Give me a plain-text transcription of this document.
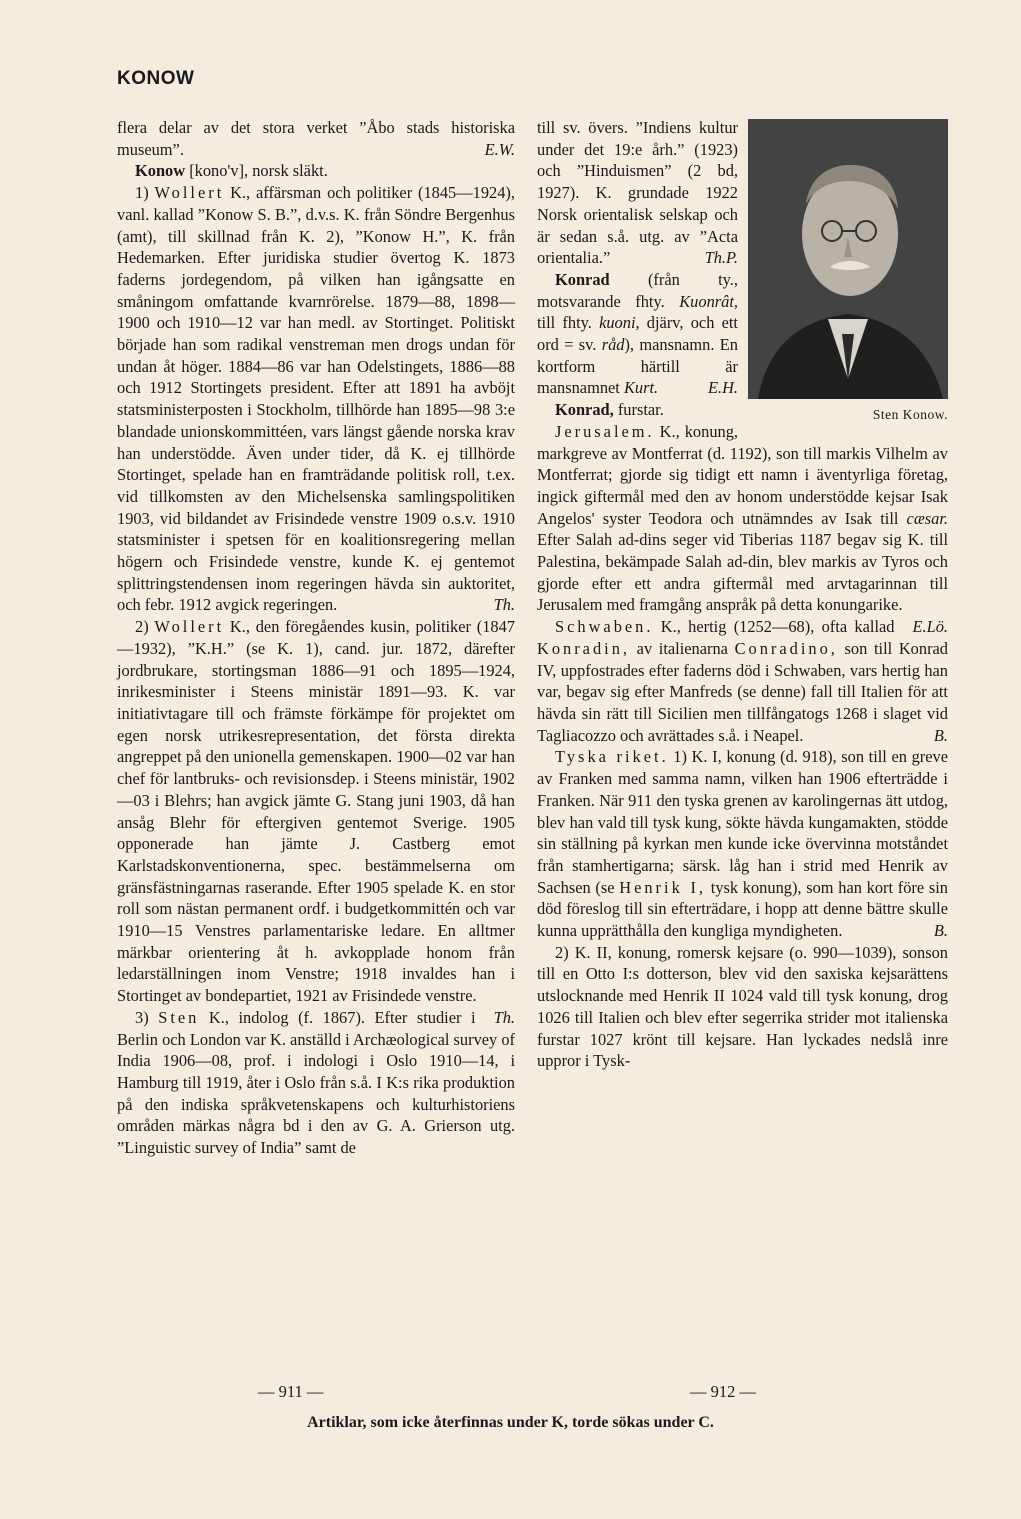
KONOW

flera delar av det stora verket ”Åbo stads historiska museum”.	E.W.

Konow [kono'v], norsk släkt.

1) Wollert K., affärsman och politiker (1845—1924), vanl. kallad ”Konow S. B.”, d.v.s. K. från Söndre Bergenhus (amt), till skillnad från K. 2), ”Konow H.”, K. från Hedemarken. Efter juridiska studier övertog K. 1873 faderns jordegendom, på vilken han igångsatte en småningom omfattande kvarnrörelse. 1879—88, 1898—1900 och 1910—12 var han medl. av Stortinget. Politiskt började han som radikal venstreman men drogs undan för undan åt höger. 1884—86 var han Odelstingets, 1886—88 och 1912 Stortingets president. Efter att 1891 ha avböjt statsministerposten i Stockholm, tillhörde han 1895—98 3:e blandade unionskommittéen, vars längst gående norska krav han understödde. Även under tider, då K. ej tillhörde Stortinget, spelade han en framträdande politisk roll, t.ex. vid tillkomsten av den Michelsenska samlingspolitiken 1903, vid bildandet av Frisindede venstre 1909 o.s.v. 1910 statsminister i spetsen för en koalitionsregering mellan högern och Frisindede venstre, kunde K. ej gentemot splittringstendensen inom regeringen hävda sin auktoritet, och febr. 1912 avgick regeringen.	Th.

2) Wollert K., den föregåendes kusin, politiker (1847—1932), ”K.H.” (se K. 1), cand. jur. 1872, därefter jordbrukare, stortingsman 1886—91 och 1895—1924, inrikesminister i Steens ministär 1891—93. K. var initiativtagare till och främste förkämpe för projektet om egen norsk utrikesrepresentation, det första direkta angreppet på den unionella gemenskapen. 1900—02 var han chef för lantbruks- och revisionsdep. i Steens ministär, 1902—03 i Blehrs; han avgick jämte G. Stang juni 1903, då han ansåg Blehr för eftergiven gentemot Sverige. 1905 opponerade han jämte J. Castberg emot Karlstadskonventionerna, spec. bestämmelserna om gränsfästningarnas raserande. Efter 1905 spelade K. en stor roll som nästan permanent ordf. i budgetkommittén och var 1910—15 Venstres parlamentariske ledare. En alltmer märkbar orientering åt h. avkopplade honom från ledarställningen inom Venstre; 1918 invaldes han i Stortinget av bondepartiet, 1921 av Frisindede venstre.
Th.

3) Sten K., indolog (f. 1867). Efter studier i Berlin och London var K. anställd i Archæological survey of India 1906—08, prof. i indologi i Oslo 1910—14, i Hamburg till 1919, åter i Oslo från s.å. I K:s rika produktion på den indiska språkvetenskapens och kulturhistoriens områden märkas några bd i den av G. A. Grierson utg. ”Linguistic survey of India” samt de

Sten Konow.

till sv. övers. ”Indiens kultur under det 19:e årh.” (1923) och ”Hinduismen” (2 bd, 1927). K. grundade 1922 Norsk orientalisk selskap och är sedan s.å. utg. av ”Acta orientalia.”	Th.P.

Konrad (från ty., motsvarande fhty. Kuonrât, till fhty. kuoni, djärv, och ett ord = sv. råd), mansnamn. En kortform härtill är mansnamnet Kurt.	E.H.

Konrad, furstar.

Jerusalem. K., konung, markgreve av Montferrat (d. 1192), son till markis Vilhelm av Montferrat; gjorde sig tidigt ett namn i äventyrliga företag, ingick giftermål med den av honom understödde kejsar Isak Angelos' syster Teodora och utnämndes av Isak till cæsar. Efter Salah ad-dins seger vid Tiberias 1187 begav sig K. till Palestina, bekämpade Salah ad-din, blev markis av Tyros och gjorde efter ett andra giftermål med arvtagarinnan till Jerusalem med framgång anspråk på detta konungarike.
E.Lö.

Schwaben. K., hertig (1252—68), ofta kallad Konradin, av italienarna Conradino, son till Konrad IV, uppfostrades efter faderns död i Schwaben, vars hertig han var, begav sig efter Manfreds (se denne) fall till Italien för att hävda sin rätt till Sicilien men tillfångatogs 1268 i slaget vid Tagliacozzo och avrättades s.å. i Neapel.	B.

Tyska riket. 1) K. I, konung (d. 918), son till en greve av Franken med samma namn, vilken han 1906 efterträdde i Franken. När 911 den tyska grenen av karolingernas ätt utdog, blev han vald till tysk kung, sökte hävda kungamakten, stödde sin ställning på kyrkan men kunde icke övervinna motståndet från stamhertigarna; särsk. låg han i strid med Henrik av Sachsen (se Henrik I, tysk konung), som han kort före sin död föreslog till sin efterträdare, i hopp att denne bättre skulle kunna upprätthålla den kungliga myndigheten.	B.

2) K. II, konung, romersk kejsare (o. 990—1039), sonson till en Otto I:s dotterson, blev vid den saxiska kejsarättens utslocknande med Henrik II 1024 vald till tysk konung, drog 1026 till Italien och blev efter segerrika strider mot italienska furstar 1027 krönt till kejsare. Han lyckades nedslå inre uppror i Tysk-

— 911 —	— 912 —
Artiklar, som icke återfinnas under K, torde sökas under C.
